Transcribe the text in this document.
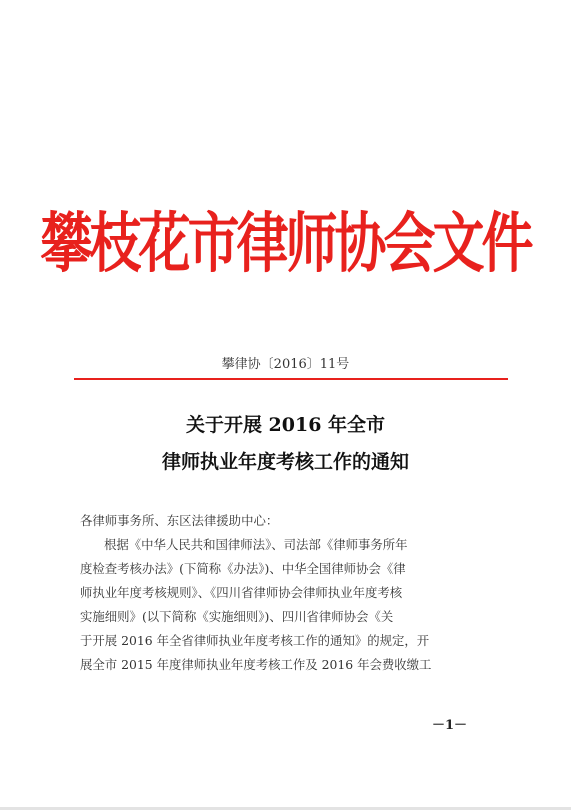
攀枝花市律师协会文件
攀律协〔2016〕11号
关于开展 2016 年全市
律师执业年度考核工作的通知
各律师事务所、东区法律援助中心：
根据《中华人民共和国律师法》、司法部《律师事务所年
度检查考核办法》(下简称《办法》)、中华全国律师协会《律
师执业年度考核规则》、《四川省律师协会律师执业年度考核
实施细则》(以下简称《实施细则》)、四川省律师协会《关
于开展 2016 年全省律师执业年度考核工作的通知》的规定，开
展全市 2015 年度律师执业年度考核工作及 2016 年会费收缴工
－1－
